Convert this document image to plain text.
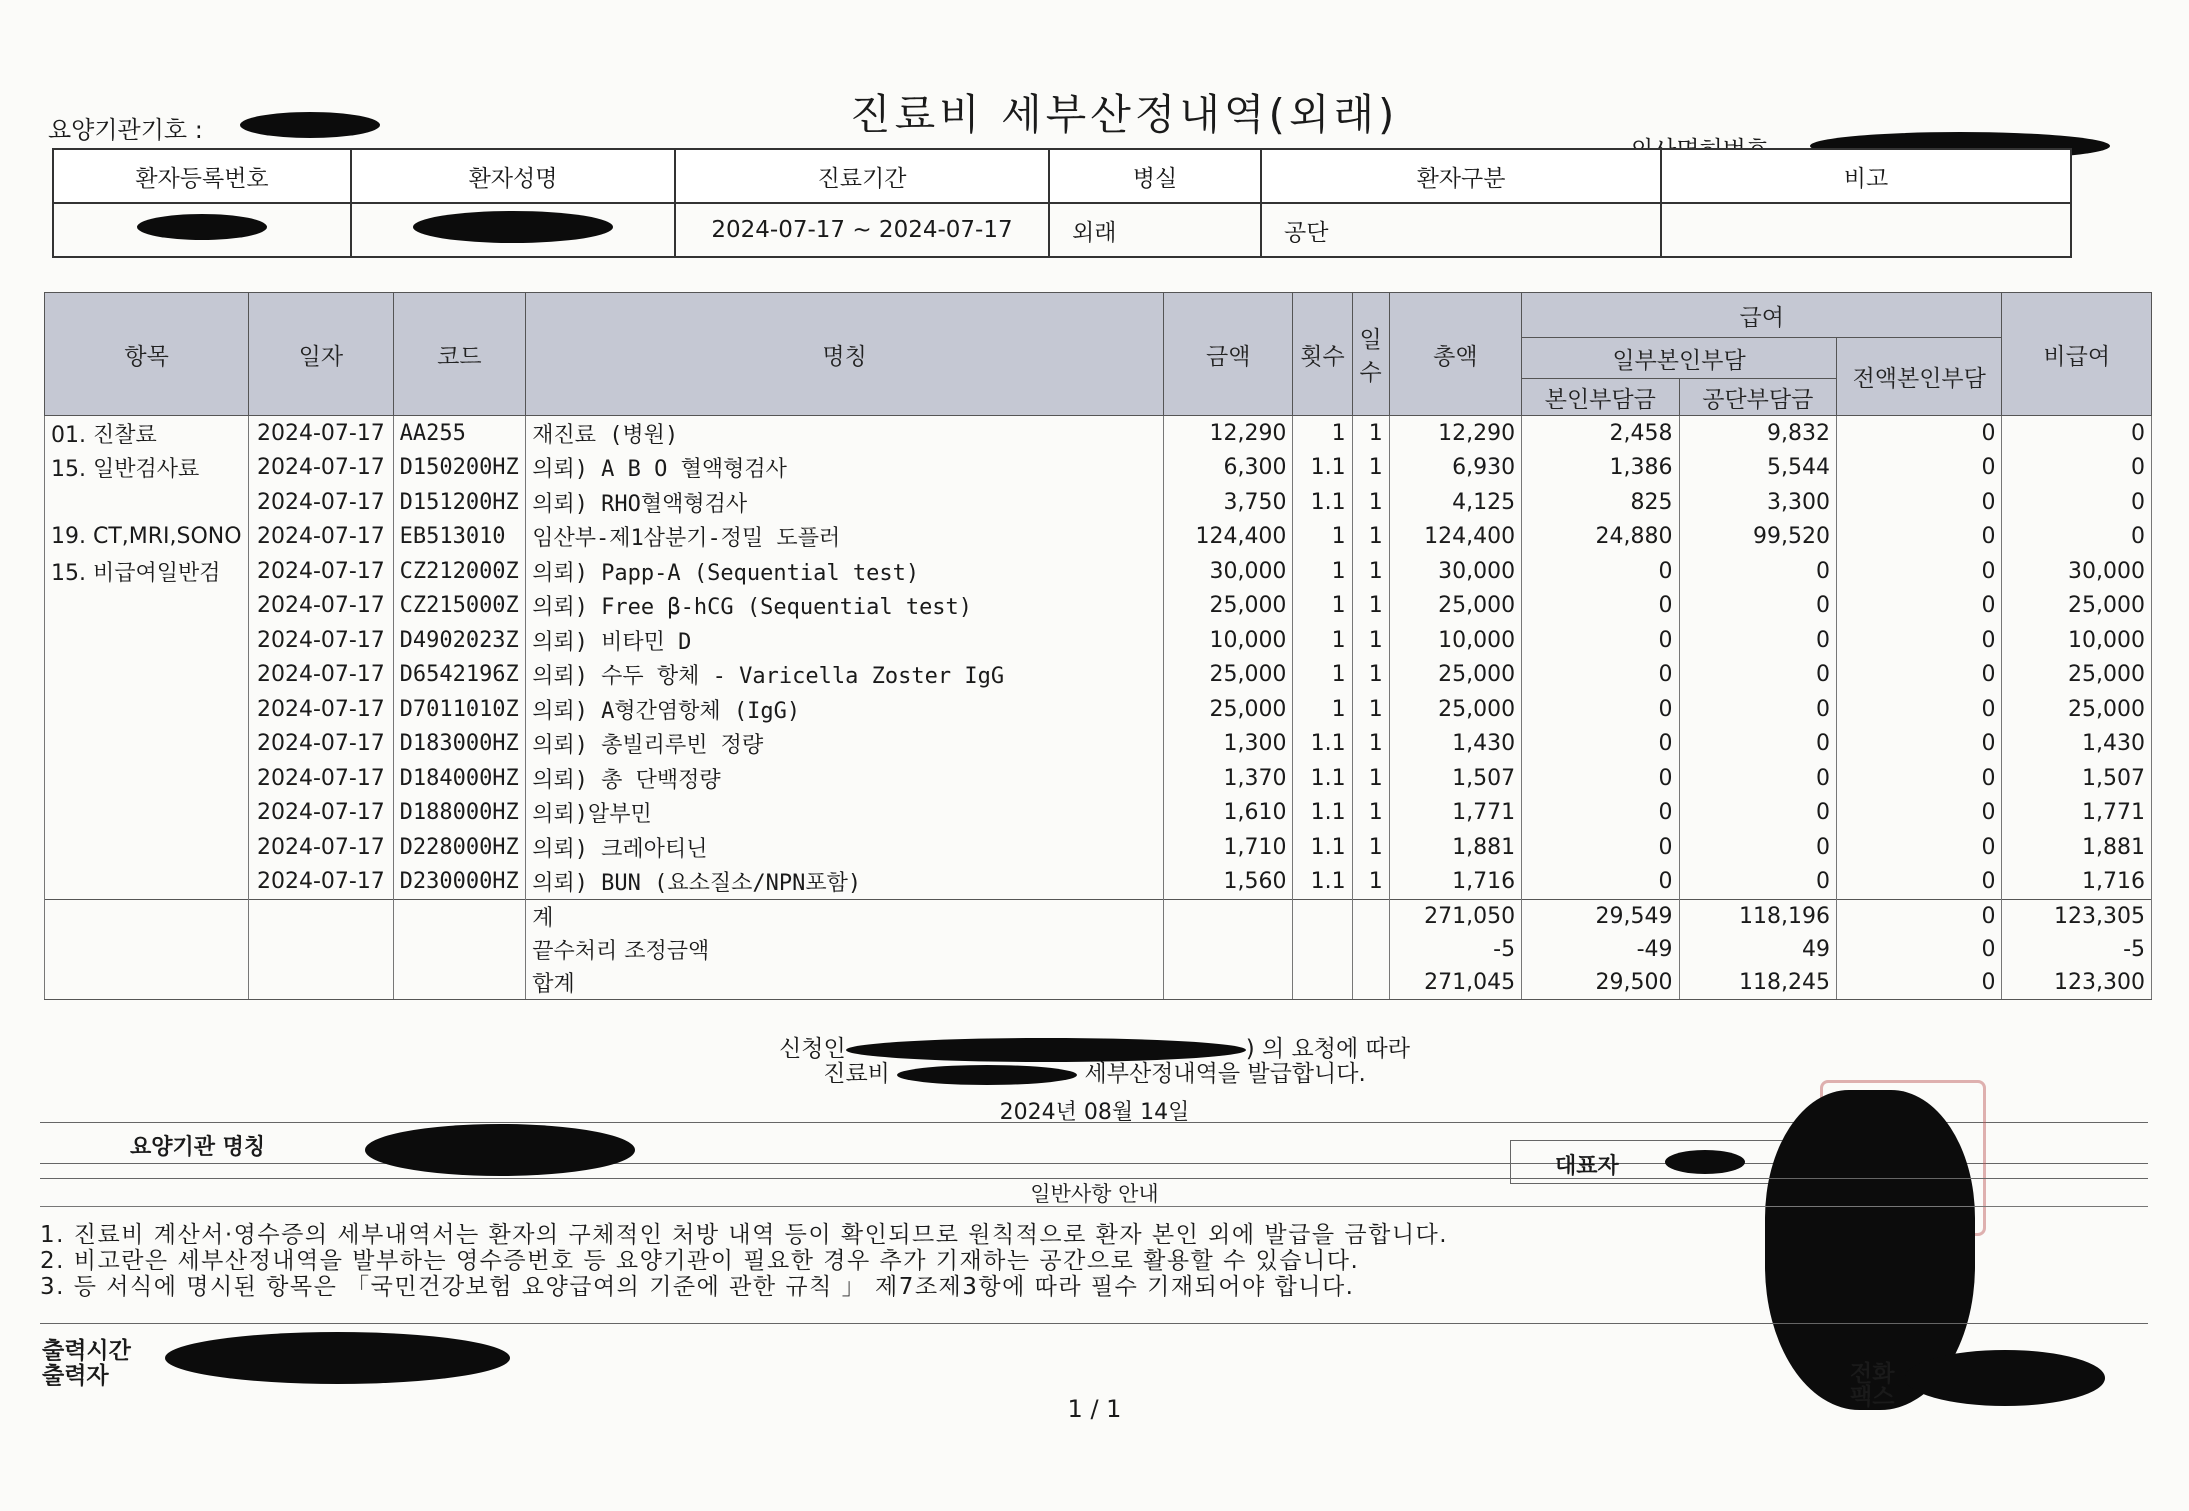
요양기관기호 :	진료비 세부산정내역(외래)
환자등록번호	환자성명	진료기간	병실	환자구분	비고
		2024-07-17 ~ 2024-07-17	외래	공단	
항목	일자	코드	명칭	금액	횟수	일수	총액	급여			비급여
								일부본인부담		전액본인부담	
								본인부담금	공단부담금		
01. 진찰료	2024-07-17	AA255	재진료 (병원)	12,290	1	1	12,290	2,458	9,832	0	0
15. 일반검사료	2024-07-17	D150200HZ	의뢰) A B O 혈액형검사	6,300	1.1	1	6,930	1,386	5,544	0	0
	2024-07-17	D151200HZ	의뢰) RHO혈액형검사	3,750	1.1	1	4,125	825	3,300	0	0
19. CT,MRI,SONO	2024-07-17	EB513010	임산부-제1삼분기-정밀 도플러	124,400	1	1	124,400	24,880	99,520	0	0
15. 비급여일반검	2024-07-17	CZ212000Z	의뢰) Papp-A (Sequential test)	30,000	1	1	30,000	0	0	0	30,000
	2024-07-17	CZ215000Z	의뢰) Free β-hCG (Sequential test)	25,000	1	1	25,000	0	0	0	25,000
	2024-07-17	D4902023Z	의뢰) 비타민 D	10,000	1	1	10,000	0	0	0	10,000
	2024-07-17	D6542196Z	의뢰) 수두 항체 - Varicella Zoster IgG	25,000	1	1	25,000	0	0	0	25,000
	2024-07-17	D7011010Z	의뢰) A형간염항체 (IgG)	25,000	1	1	25,000	0	0	0	25,000
	2024-07-17	D183000HZ	의뢰) 총빌리루빈 정량	1,300	1.1	1	1,430	0	0	0	1,430
	2024-07-17	D184000HZ	의뢰) 총 단백정량	1,370	1.1	1	1,507	0	0	0	1,507
	2024-07-17	D188000HZ	의뢰)알부민	1,610	1.1	1	1,771	0	0	0	1,771
	2024-07-17	D228000HZ	의뢰) 크레아티닌	1,710	1.1	1	1,881	0	0	0	1,881
	2024-07-17	D230000HZ	의뢰) BUN (요소질소/NPN포함)	1,560	1.1	1	1,716	0	0	0	1,716
			계				271,050	29,549	118,196	0	123,305
			끝수처리 조정금액				-5	-49	49	0	-5
			합계				271,045	29,500	118,245	0	123,300
신청인	) 의 요청에 따라
진료비	세부산정내역을 발급합니다.
2024년 08월 14일
요양기관 명칭
대표자
일반사항 안내
1. 진료비 계산서·영수증의 세부내역서는 환자의 구체적인 처방 내역 등이 확인되므로 원칙적으로 환자 본인 외에 발급을 금합니다.
2. 비고란은 세부산정내역을 발부하는 영수증번호 등 요양기관이 필요한 경우 추가 기재하는 공간으로 활용할 수 있습니다.
3. 등 서식에 명시된 항목은 「국민건강보험 요양급여의 기준에 관한 규칙 」 제7조제3항에 따라 필수 기재되어야 합니다.
출력시간
출력자	전화
팩스
1 / 1
